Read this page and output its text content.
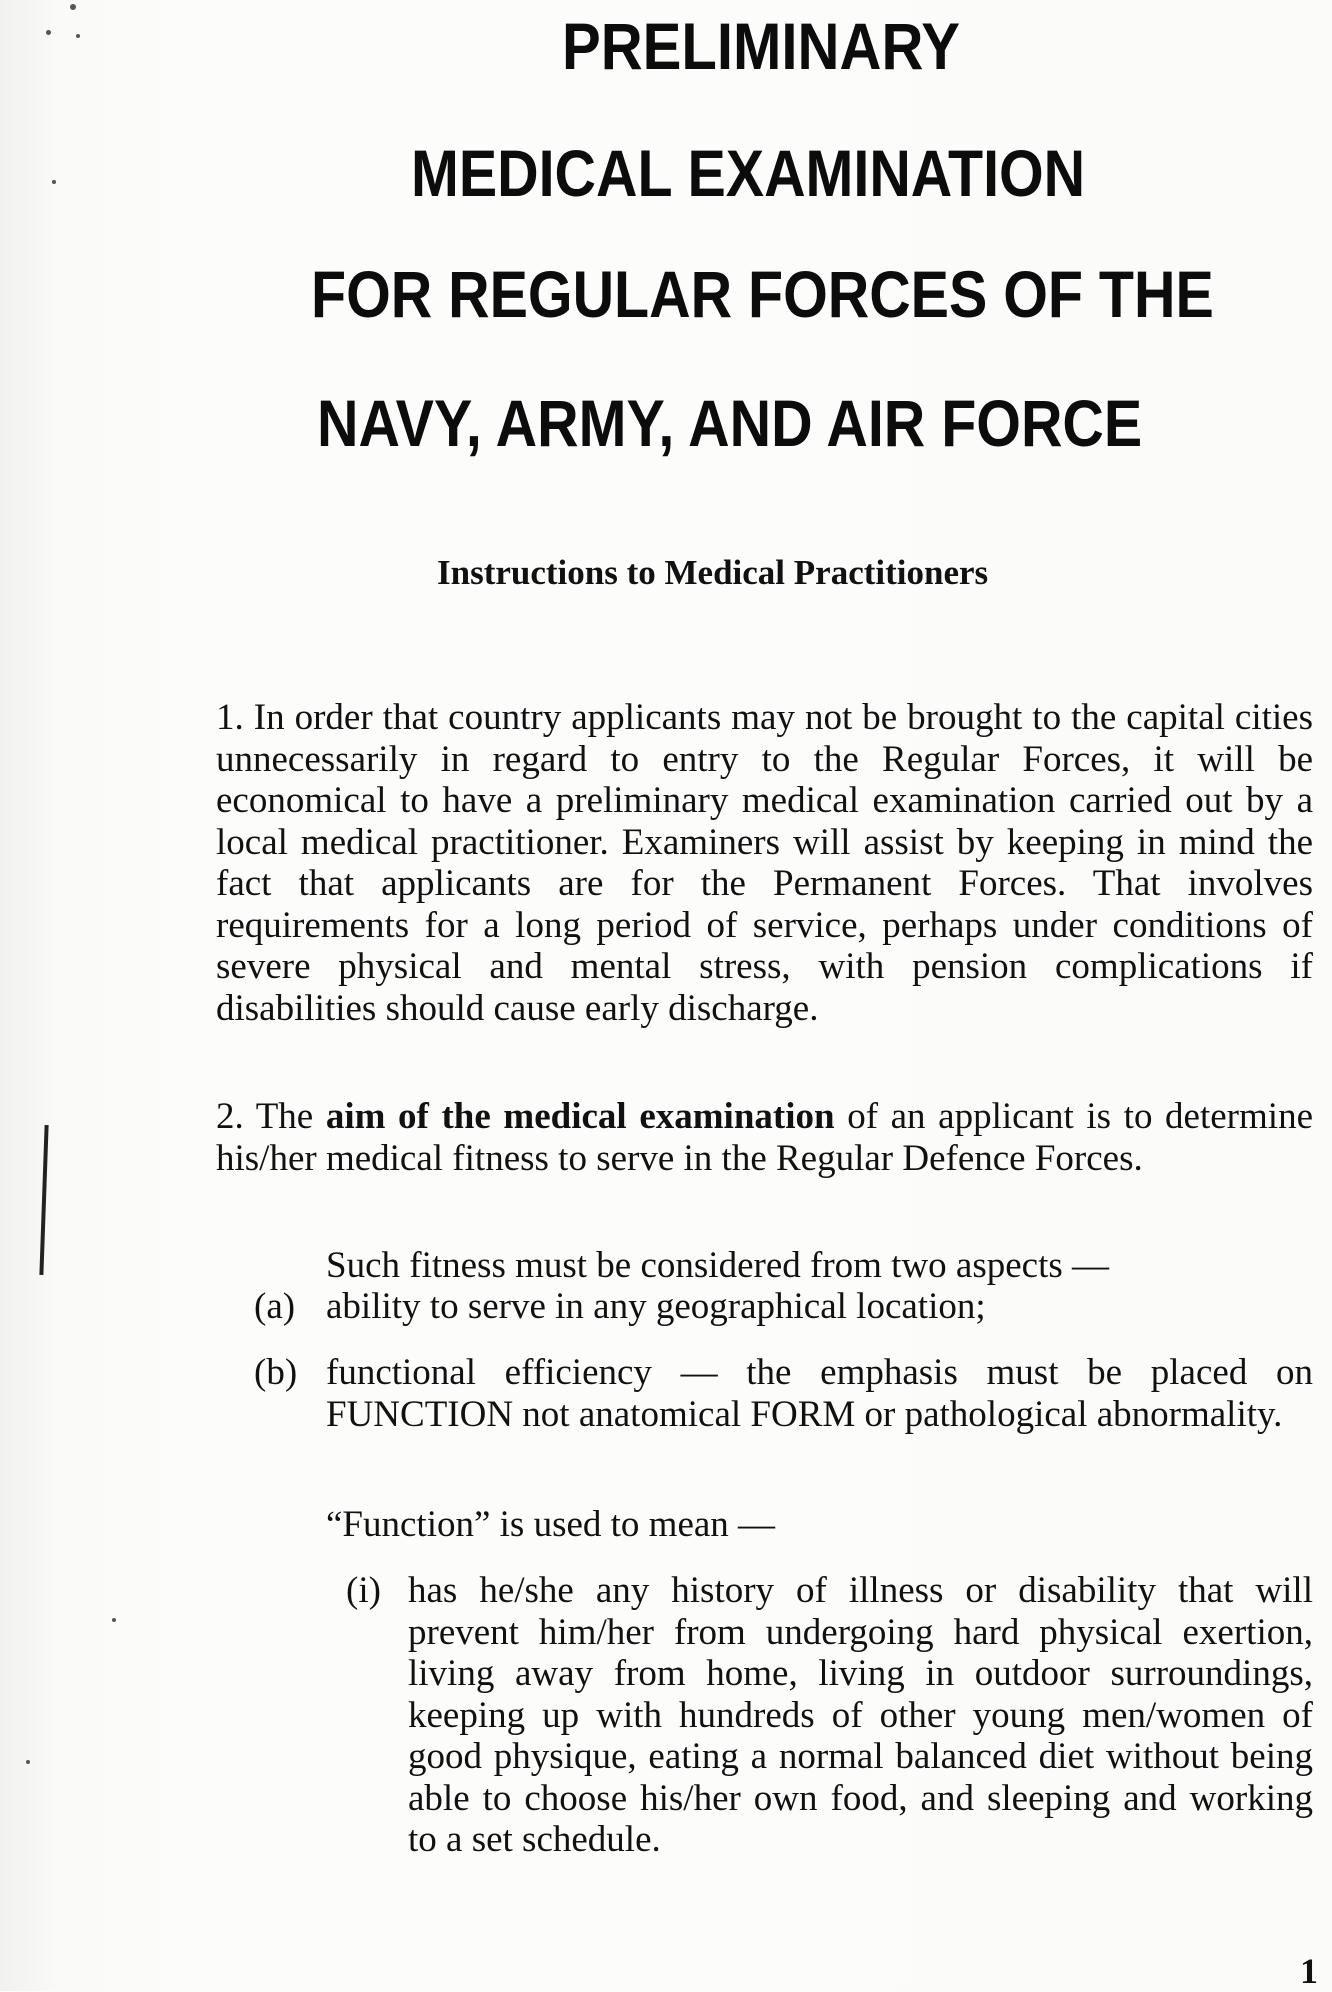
PRELIMINARY
MEDICAL EXAMINATION
FOR REGULAR FORCES OF THE
NAVY, ARMY, AND AIR FORCE
Instructions to Medical Practitioners
1. In order that country applicants may not be brought to the capital cities unnecessarily in regard to entry to the Regular Forces, it will be economical to have a preliminary medical examination carried out by a local medical practitioner. Examiners will assist by keeping in mind the fact that applicants are for the Permanent Forces. That involves requirements for a long period of service, perhaps under conditions of severe physical and mental stress, with pension complications if disabilities should cause early discharge.
2. The aim of the medical examination of an applicant is to determine his/her medical fitness to serve in the Regular Defence Forces.
Such fitness must be considered from two aspects —
(a) ability to serve in any geographical location;
(b) functional efficiency — the emphasis must be placed on FUNCTION not anatomical FORM or pathological abnormality.
“Function” is used to mean —
(i) has he/she any history of illness or disability that will prevent him/her from undergoing hard physical exertion, living away from home, living in outdoor surroundings, keeping up with hundreds of other young men/women of good physique, eating a normal balanced diet without being able to choose his/her own food, and sleeping and working to a set schedule.
1
